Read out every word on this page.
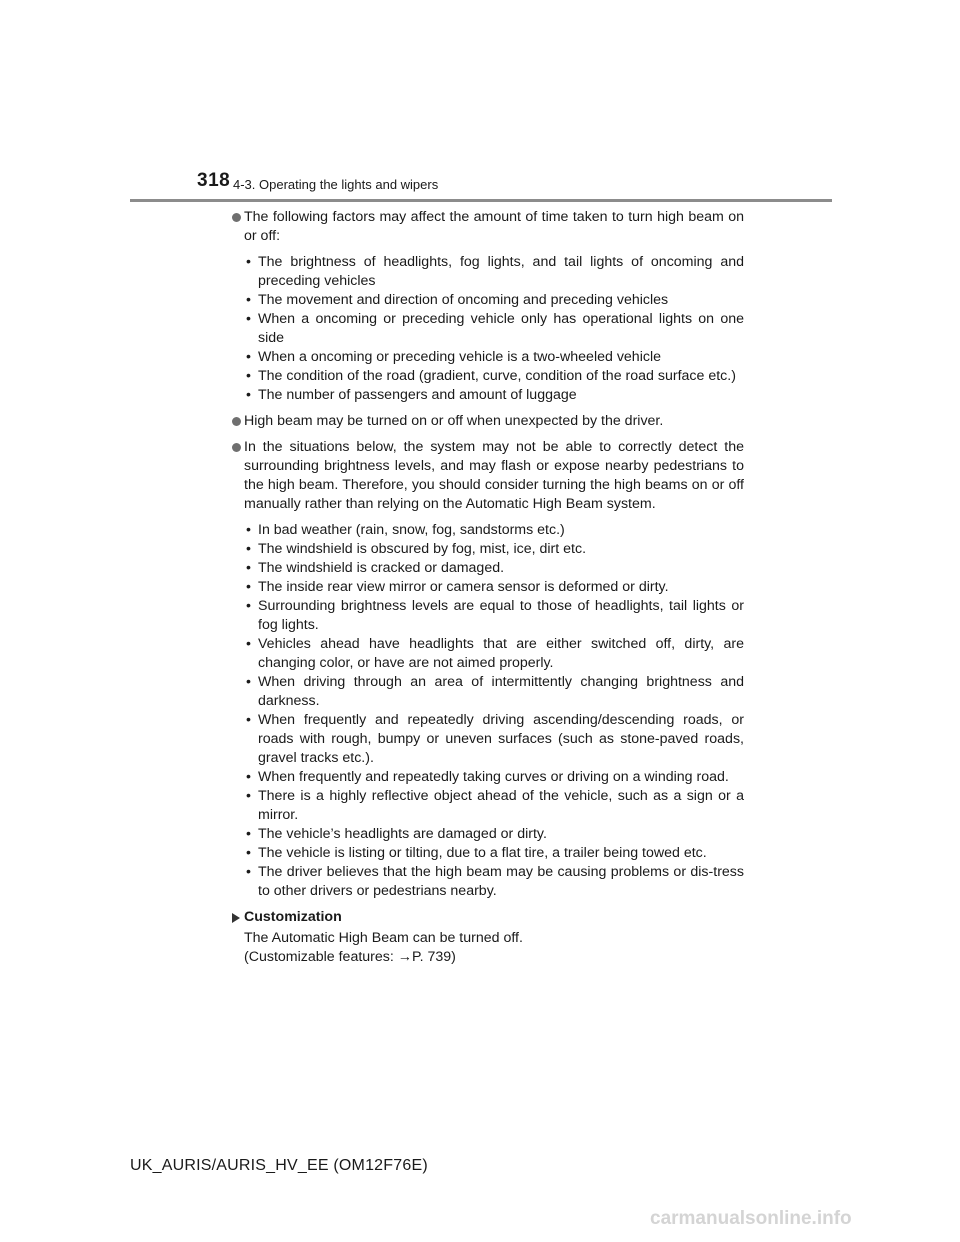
318 4-3. Operating the lights and wipers
The following factors may affect the amount of time taken to turn high beam on or off:
• The brightness of headlights, fog lights, and tail lights of oncoming and preceding vehicles
• The movement and direction of oncoming and preceding vehicles
• When a oncoming or preceding vehicle only has operational lights on one side
• When a oncoming or preceding vehicle is a two-wheeled vehicle
• The condition of the road (gradient, curve, condition of the road surface etc.)
• The number of passengers and amount of luggage
High beam may be turned on or off when unexpected by the driver.
In the situations below, the system may not be able to correctly detect the surrounding brightness levels, and may flash or expose nearby pedestrians to the high beam. Therefore, you should consider turning the high beams on or off manually rather than relying on the Automatic High Beam system.
• In bad weather (rain, snow, fog, sandstorms etc.)
• The windshield is obscured by fog, mist, ice, dirt etc.
• The windshield is cracked or damaged.
• The inside rear view mirror or camera sensor is deformed or dirty.
• Surrounding brightness levels are equal to those of headlights, tail lights or fog lights.
• Vehicles ahead have headlights that are either switched off, dirty, are changing color, or have are not aimed properly.
• When driving through an area of intermittently changing brightness and darkness.
• When frequently and repeatedly driving ascending/descending roads, or roads with rough, bumpy or uneven surfaces (such as stone-paved roads, gravel tracks etc.).
• When frequently and repeatedly taking curves or driving on a winding road.
• There is a highly reflective object ahead of the vehicle, such as a sign or a mirror.
• The vehicle’s headlights are damaged or dirty.
• The vehicle is listing or tilting, due to a flat tire, a trailer being towed etc.
• The driver believes that the high beam may be causing problems or dis-tress to other drivers or pedestrians nearby.
Customization
The Automatic High Beam can be turned off.
(Customizable features: →P. 739)
UK_AURIS/AURIS_HV_EE (OM12F76E)
carmanualsonline.info
